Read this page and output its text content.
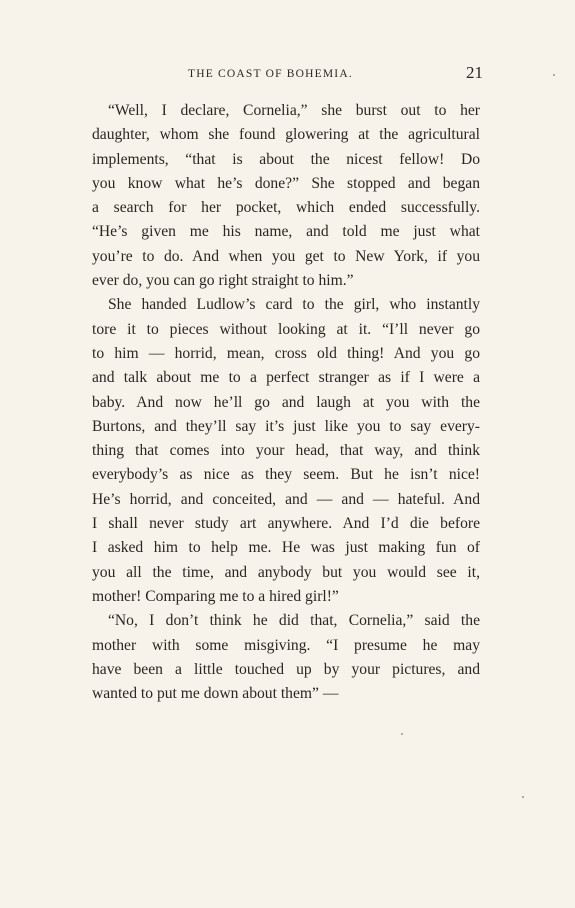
THE COAST OF BOHEMIA.	21
“Well, I declare, Cornelia,” she burst out to her
daughter, whom she found glowering at the agricultural
implements, “that is about the nicest fellow! Do
you know what he’s done?” She stopped and began
a search for her pocket, which ended successfully.
“He’s given me his name, and told me just what
you’re to do. And when you get to New York, if you
ever do, you can go right straight to him.”
She handed Ludlow’s card to the girl, who instantly
tore it to pieces without looking at it. “I’ll never go
to him — horrid, mean, cross old thing! And you go
and talk about me to a perfect stranger as if I were a
baby. And now he’ll go and laugh at you with the
Burtons, and they’ll say it’s just like you to say every-
thing that comes into your head, that way, and think
everybody’s as nice as they seem. But he isn’t nice!
He’s horrid, and conceited, and — and — hateful. And
I shall never study art anywhere. And I’d die before
I asked him to help me. He was just making fun of
you all the time, and anybody but you would see it,
mother! Comparing me to a hired girl!”
“No, I don’t think he did that, Cornelia,” said the
mother with some misgiving. “I presume he may
have been a little touched up by your pictures, and
wanted to put me down about them” —
